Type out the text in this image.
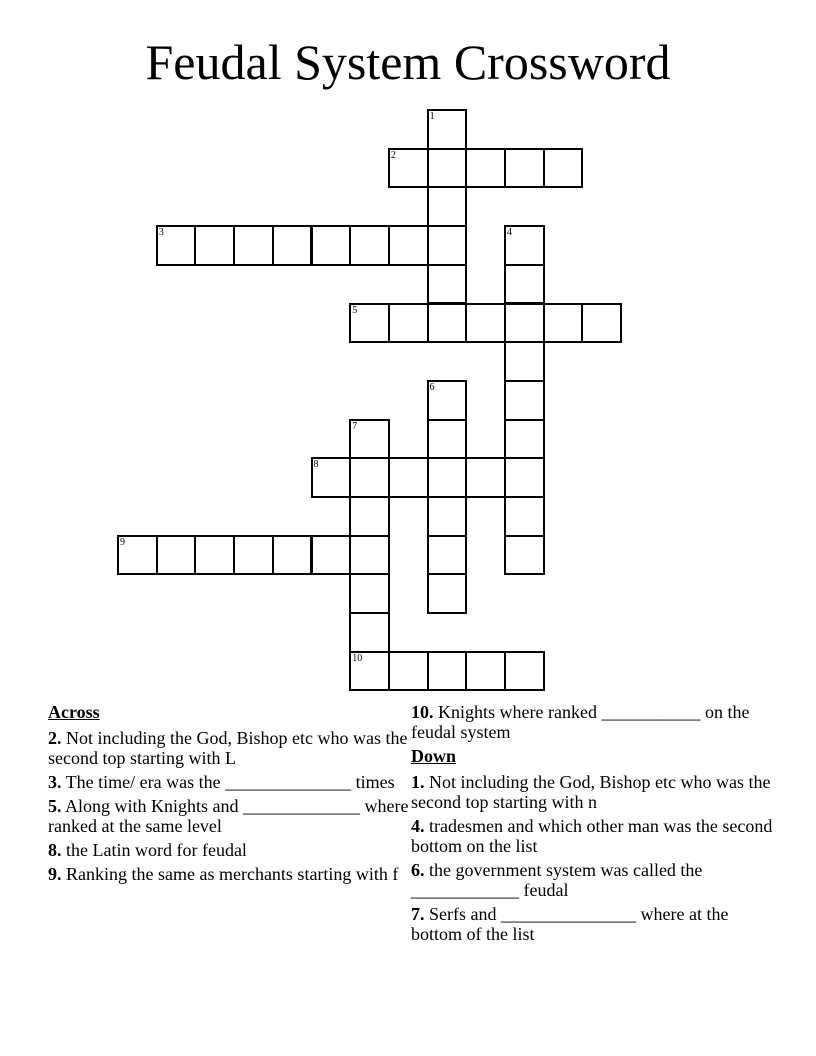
Feudal System Crossword
1
2
3	4
5
6
7
8
9
10
Across
2. Not including the God, Bishop etc who was the second top starting with L
3. The time/ era was the ______________ times
5. Along with Knights and _____________ where ranked at the same level
8. the Latin word for feudal
9. Ranking the same as merchants starting with f
10. Knights where ranked ___________ on the feudal system
Down
1. Not including the God, Bishop etc who was the second top starting with n
4. tradesmen and which other man was the second bottom on the list
6. the government system was called the ____________ feudal
7. Serfs and _______________ where at the bottom of the list
